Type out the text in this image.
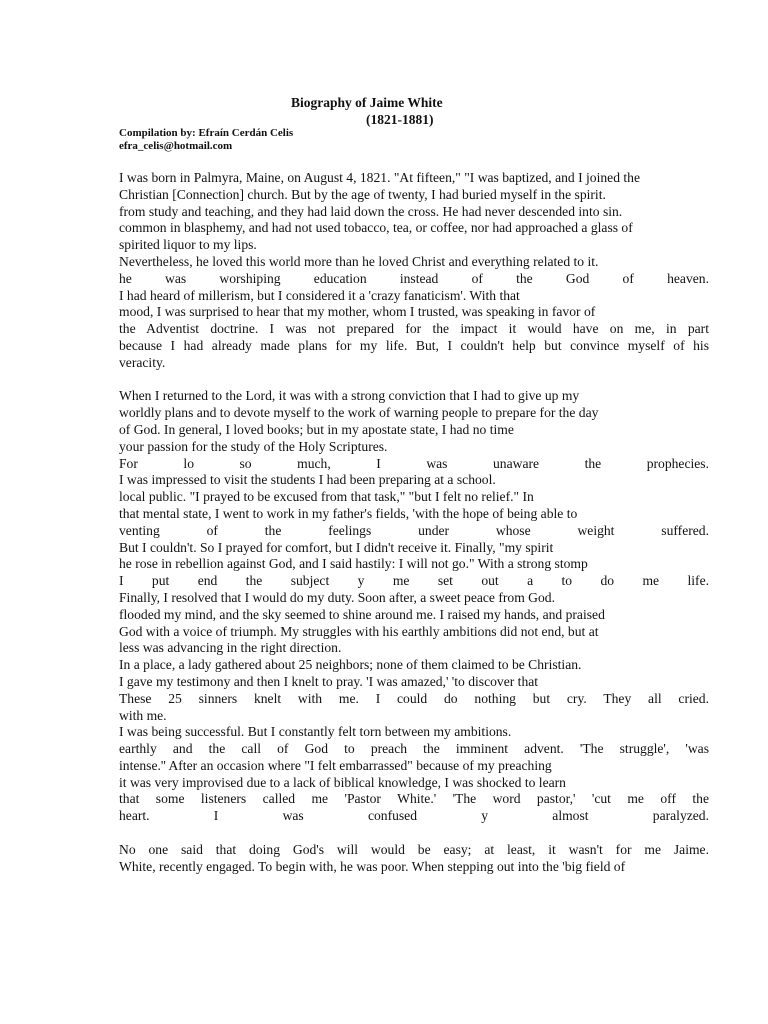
Biography of Jaime White
(1821-1881)
Compilation by: Efraín Cerdán Celis
efra_celis@hotmail.com
I was born in Palmyra, Maine, on August 4, 1821. "At fifteen," "I was baptized, and I joined the
Christian [Connection] church. But by the age of twenty, I had buried myself in the spirit.
from study and teaching, and they had laid down the cross. He had never descended into sin.
common in blasphemy, and had not used tobacco, tea, or coffee, nor had approached a glass of
spirited liquor to my lips.
Nevertheless, he loved this world more than he loved Christ and everything related to it.
he was worshiping education instead of the God of heaven.
I had heard of millerism, but I considered it a 'crazy fanaticism'. With that
mood, I was surprised to hear that my mother, whom I trusted, was speaking in favor of
the Adventist doctrine. I was not prepared for the impact it would have on me, in part
because I had already made plans for my life. But, I couldn't help but convince myself of his
veracity.
When I returned to the Lord, it was with a strong conviction that I had to give up my
worldly plans and to devote myself to the work of warning people to prepare for the day
of God. In general, I loved books; but in my apostate state, I had no time
your passion for the study of the Holy Scriptures.
For lo so much, I was unaware the prophecies.
I was impressed to visit the students I had been preparing at a school.
local public. "I prayed to be excused from that task," "but I felt no relief." In
that mental state, I went to work in my father's fields, 'with the hope of being able to
venting of the feelings under whose weight suffered.
But I couldn't. So I prayed for comfort, but I didn't receive it. Finally, "my spirit
he rose in rebellion against God, and I said hastily: I will not go." With a strong stomp
I put end the subject y me set out a to do me life.
Finally, I resolved that I would do my duty. Soon after, a sweet peace from God.
flooded my mind, and the sky seemed to shine around me. I raised my hands, and praised
God with a voice of triumph. My struggles with his earthly ambitions did not end, but at
less was advancing in the right direction.
In a place, a lady gathered about 25 neighbors; none of them claimed to be Christian.
I gave my testimony and then I knelt to pray. 'I was amazed,' 'to discover that
These 25 sinners knelt with me. I could do nothing but cry. They all cried.
with me.
I was being successful. But I constantly felt torn between my ambitions.
earthly and the call of God to preach the imminent advent. 'The struggle', 'was
intense.'' After an occasion where "I felt embarrassed" because of my preaching
it was very improvised due to a lack of biblical knowledge, I was shocked to learn
that some listeners called me 'Pastor White.' 'The word pastor,' 'cut me off the
heart. I was confused y almost paralyzed.
No one said that doing God's will would be easy; at least, it wasn't for me Jaime.
White, recently engaged. To begin with, he was poor. When stepping out into the 'big field of
